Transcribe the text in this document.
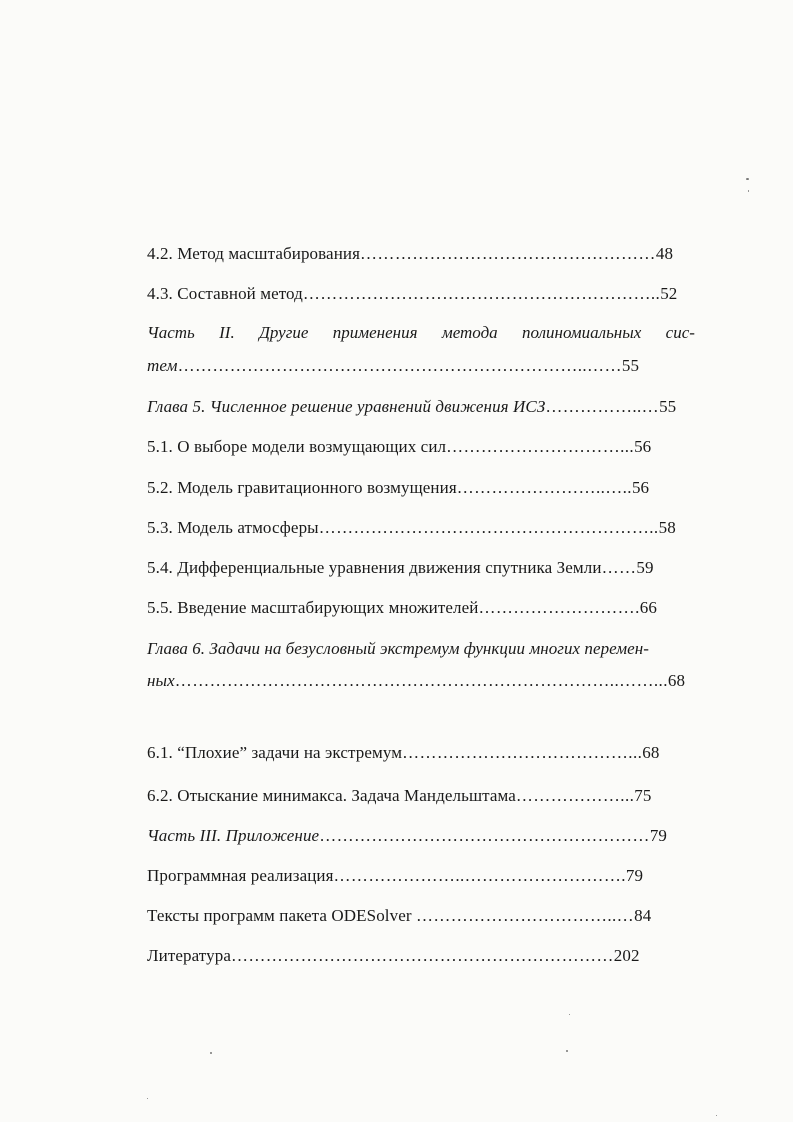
4.2. Метод масштабирования……………………………………………48
4.3. Составной метод……………………………………………………..52
Часть II. Другие применения метода полиномиальных сис-
тем……………………………………………………………..……55
Глава 5. Численное решение уравнений движения ИСЗ……………..…55
5.1. О выборе модели возмущающих сил…………………………...56
5.2. Модель гравитационного возмущения……………………..…..56
5.3. Модель атмосферы…………………………………………………..58
5.4. Дифференциальные уравнения движения спутника Земли……59
5.5. Введение масштабирующих множителей……………………….66
Глава 6. Задачи на безусловный экстремум функции многих перемен-
ных…………………………………………………………………..……...68
6.1. “Плохие” задачи на экстремум…………………………………...68
6.2. Отыскание минимакса. Задача Мандельштама………………...75
Часть III. Приложение…………………………………………………79
Программная реализация…………………..……………………….79
Тексты программ пакета ODESolver ……………………………..…84
Литература…………………………………………………………202
